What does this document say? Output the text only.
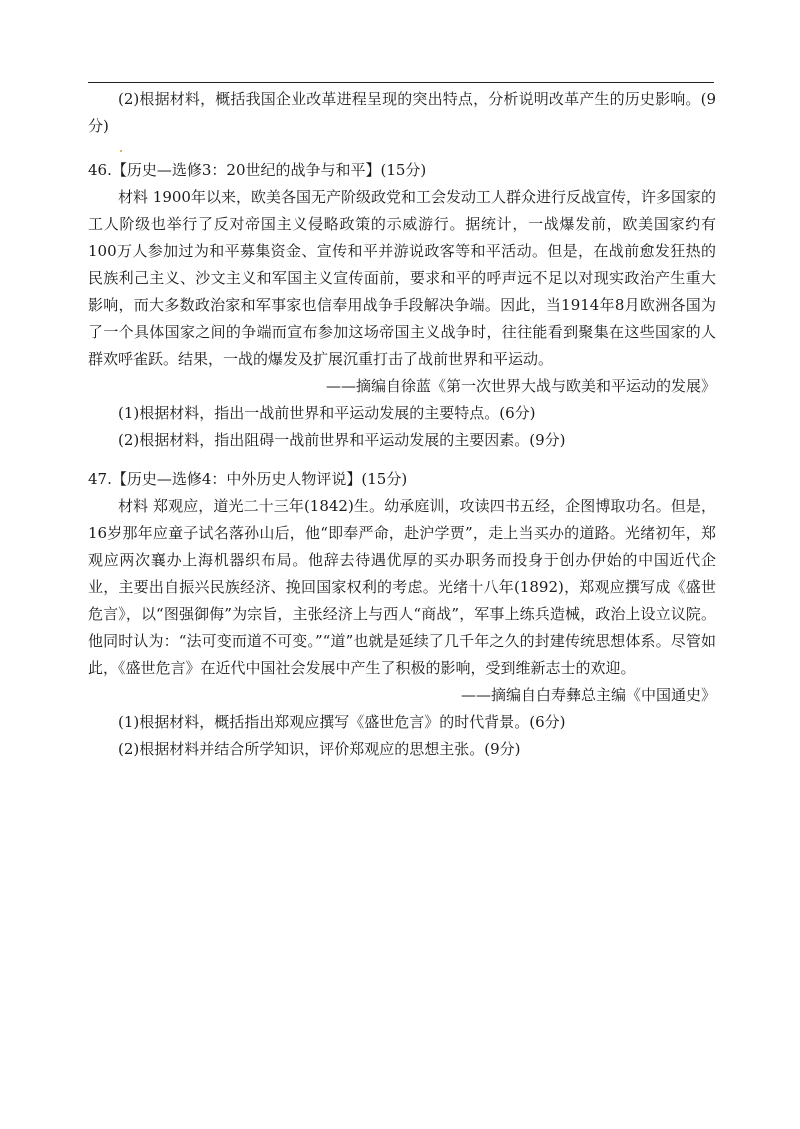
(2)根据材料，概括我国企业改革进程呈现的突出特点，分析说明改革产生的历史影响。(9分)

46.【历史—选修3：20世纪的战争与和平】(15分)

材料 1900年以来，欧美各国无产阶级政党和工会发动工人群众进行反战宣传，许多国家的工人阶级也举行了反对帝国主义侵略政策的示威游行。据统计，一战爆发前，欧美国家约有100万人参加过为和平募集资金、宣传和平并游说政客等和平活动。但是，在战前愈发狂热的民族利己主义、沙文主义和军国主义宣传面前，要求和平的呼声远不足以对现实政治产生重大影响，而大多数政治家和军事家也信奉用战争手段解决争端。因此，当1914年8月欧洲各国为了一个具体国家之间的争端而宣布参加这场帝国主义战争时，往往能看到聚集在这些国家的人群欢呼雀跃。结果，一战的爆发及扩展沉重打击了战前世界和平运动。

——摘编自徐蓝《第一次世界大战与欧美和平运动的发展》

(1)根据材料，指出一战前世界和平运动发展的主要特点。(6分)

(2)根据材料，指出阻碍一战前世界和平运动发展的主要因素。(9分)

47.【历史—选修4：中外历史人物评说】(15分)

材料 郑观应，道光二十三年(1842)生。幼承庭训，攻读四书五经，企图博取功名。但是，16岁那年应童子试名落孙山后，他“即奉严命，赴沪学贾”，走上当买办的道路。光绪初年，郑观应两次襄办上海机器织布局。他辞去待遇优厚的买办职务而投身于创办伊始的中国近代企业，主要出自振兴民族经济、挽回国家权利的考虑。光绪十八年(1892)，郑观应撰写成《盛世危言》，以“图强御侮”为宗旨，主张经济上与西人“商战”，军事上练兵造械，政治上设立议院。他同时认为：“法可变而道不可变。”“道”也就是延续了几千年之久的封建传统思想体系。尽管如此，《盛世危言》在近代中国社会发展中产生了积极的影响，受到维新志士的欢迎。

——摘编自白寿彝总主编《中国通史》

(1)根据材料，概括指出郑观应撰写《盛世危言》的时代背景。(6分)

(2)根据材料并结合所学知识，评价郑观应的思想主张。(9分)
